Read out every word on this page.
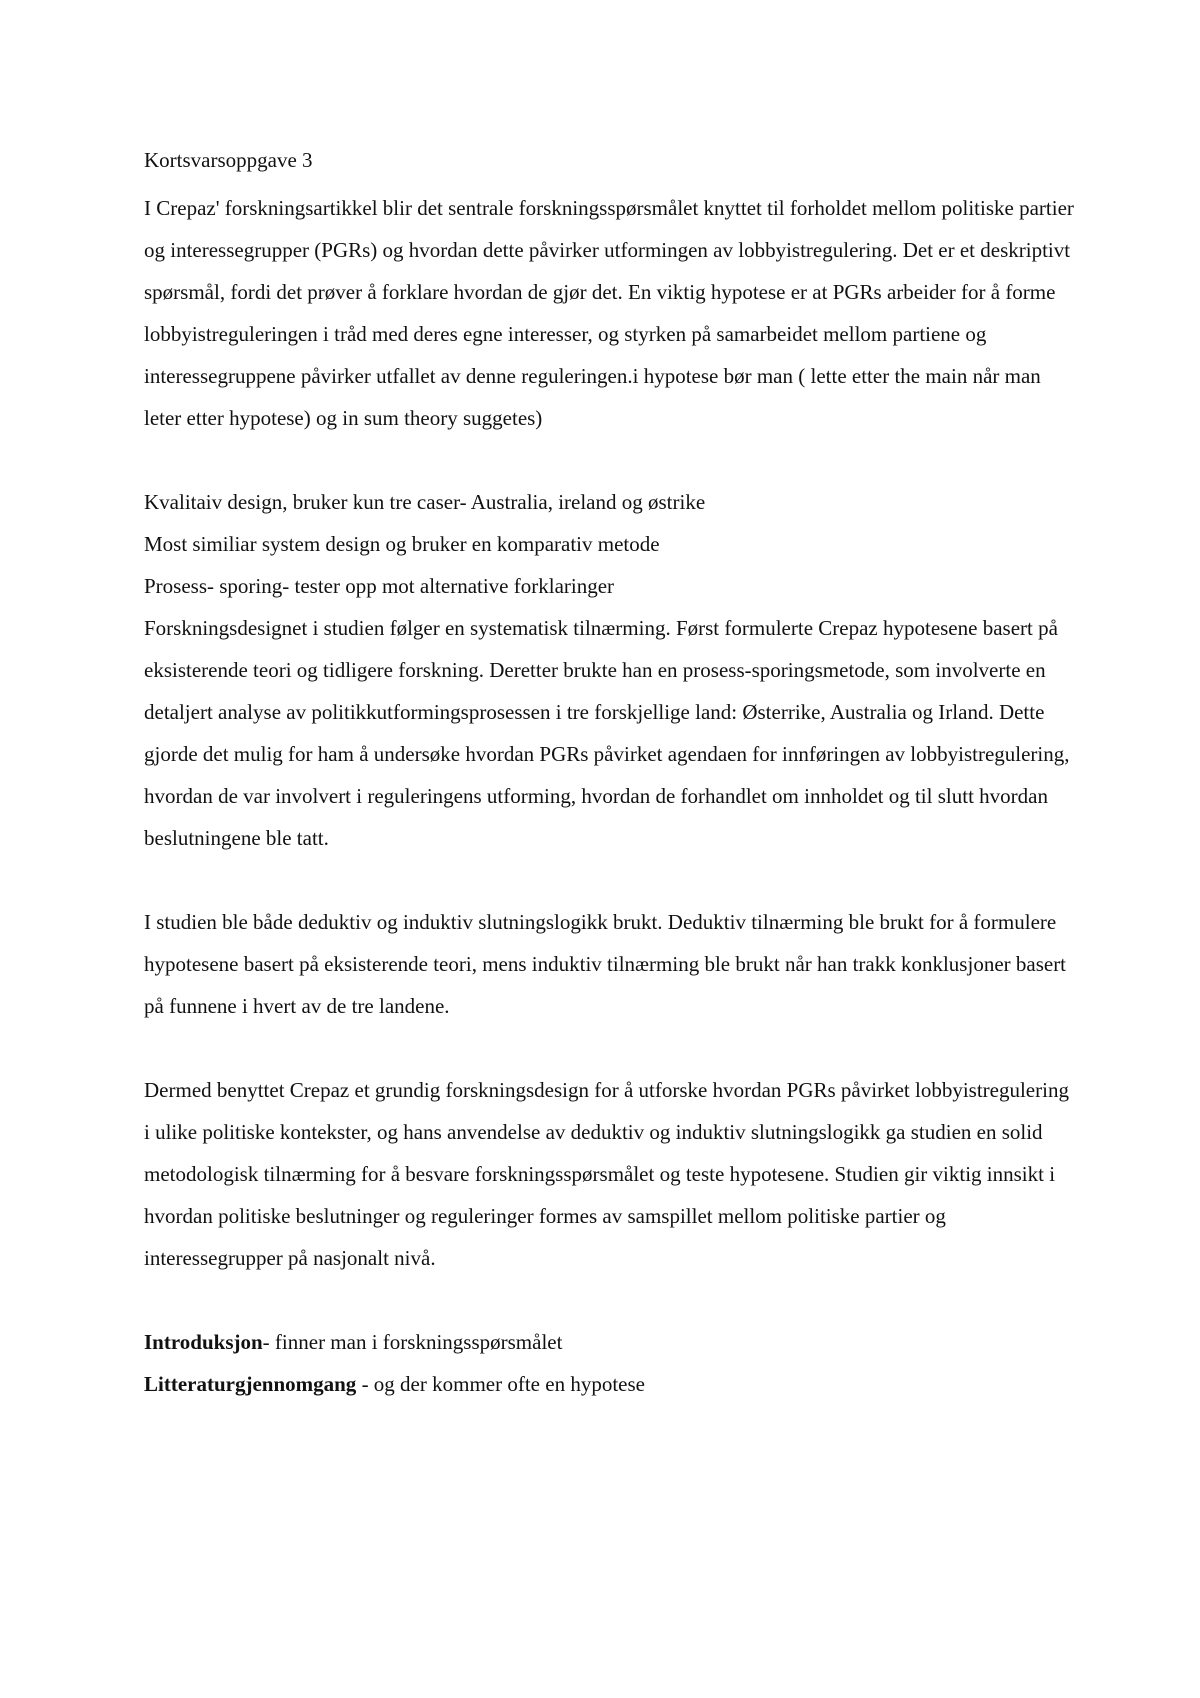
Kortsvarsoppgave 3

I Crepaz' forskningsartikkel blir det sentrale forskningsspørsmålet knyttet til forholdet mellom politiske partier og interessegrupper (PGRs) og hvordan dette påvirker utformingen av lobbyistregulering. Det er et deskriptivt spørsmål, fordi det prøver å forklare hvordan de gjør det. En viktig hypotese er at PGRs arbeider for å forme lobbyistreguleringen i tråd med deres egne interesser, og styrken på samarbeidet mellom partiene og interessegruppene påvirker utfallet av denne reguleringen.i hypotese bør man ( lette etter the main når man leter etter hypotese) og in sum theory suggetes)

Kvalitaiv design, bruker kun tre caser- Australia, ireland og østrike
Most similiar system design og bruker en komparativ metode
Prosess- sporing- tester opp mot alternative forklaringer

Forskningsdesignet i studien følger en systematisk tilnærming. Først formulerte Crepaz hypotesene basert på eksisterende teori og tidligere forskning. Deretter brukte han en prosess-sporingsmetode, som involverte en detaljert analyse av politikkutformingsprosessen i tre forskjellige land: Østerrike, Australia og Irland. Dette gjorde det mulig for ham å undersøke hvordan PGRs påvirket agendaen for innføringen av lobbyistregulering, hvordan de var involvert i reguleringens utforming, hvordan de forhandlet om innholdet og til slutt hvordan beslutningene ble tatt.

I studien ble både deduktiv og induktiv slutningslogikk brukt. Deduktiv tilnærming ble brukt for å formulere hypotesene basert på eksisterende teori, mens induktiv tilnærming ble brukt når han trakk konklusjoner basert på funnene i hvert av de tre landene.

Dermed benyttet Crepaz et grundig forskningsdesign for å utforske hvordan PGRs påvirket lobbyistregulering i ulike politiske kontekster, og hans anvendelse av deduktiv og induktiv slutningslogikk ga studien en solid metodologisk tilnærming for å besvare forskningsspørsmålet og teste hypotesene. Studien gir viktig innsikt i hvordan politiske beslutninger og reguleringer formes av samspillet mellom politiske partier og interessegrupper på nasjonalt nivå.

Introduksjon- finner man i forskningsspørsmålet
Litteraturgjennomgang - og der kommer ofte en hypotese
